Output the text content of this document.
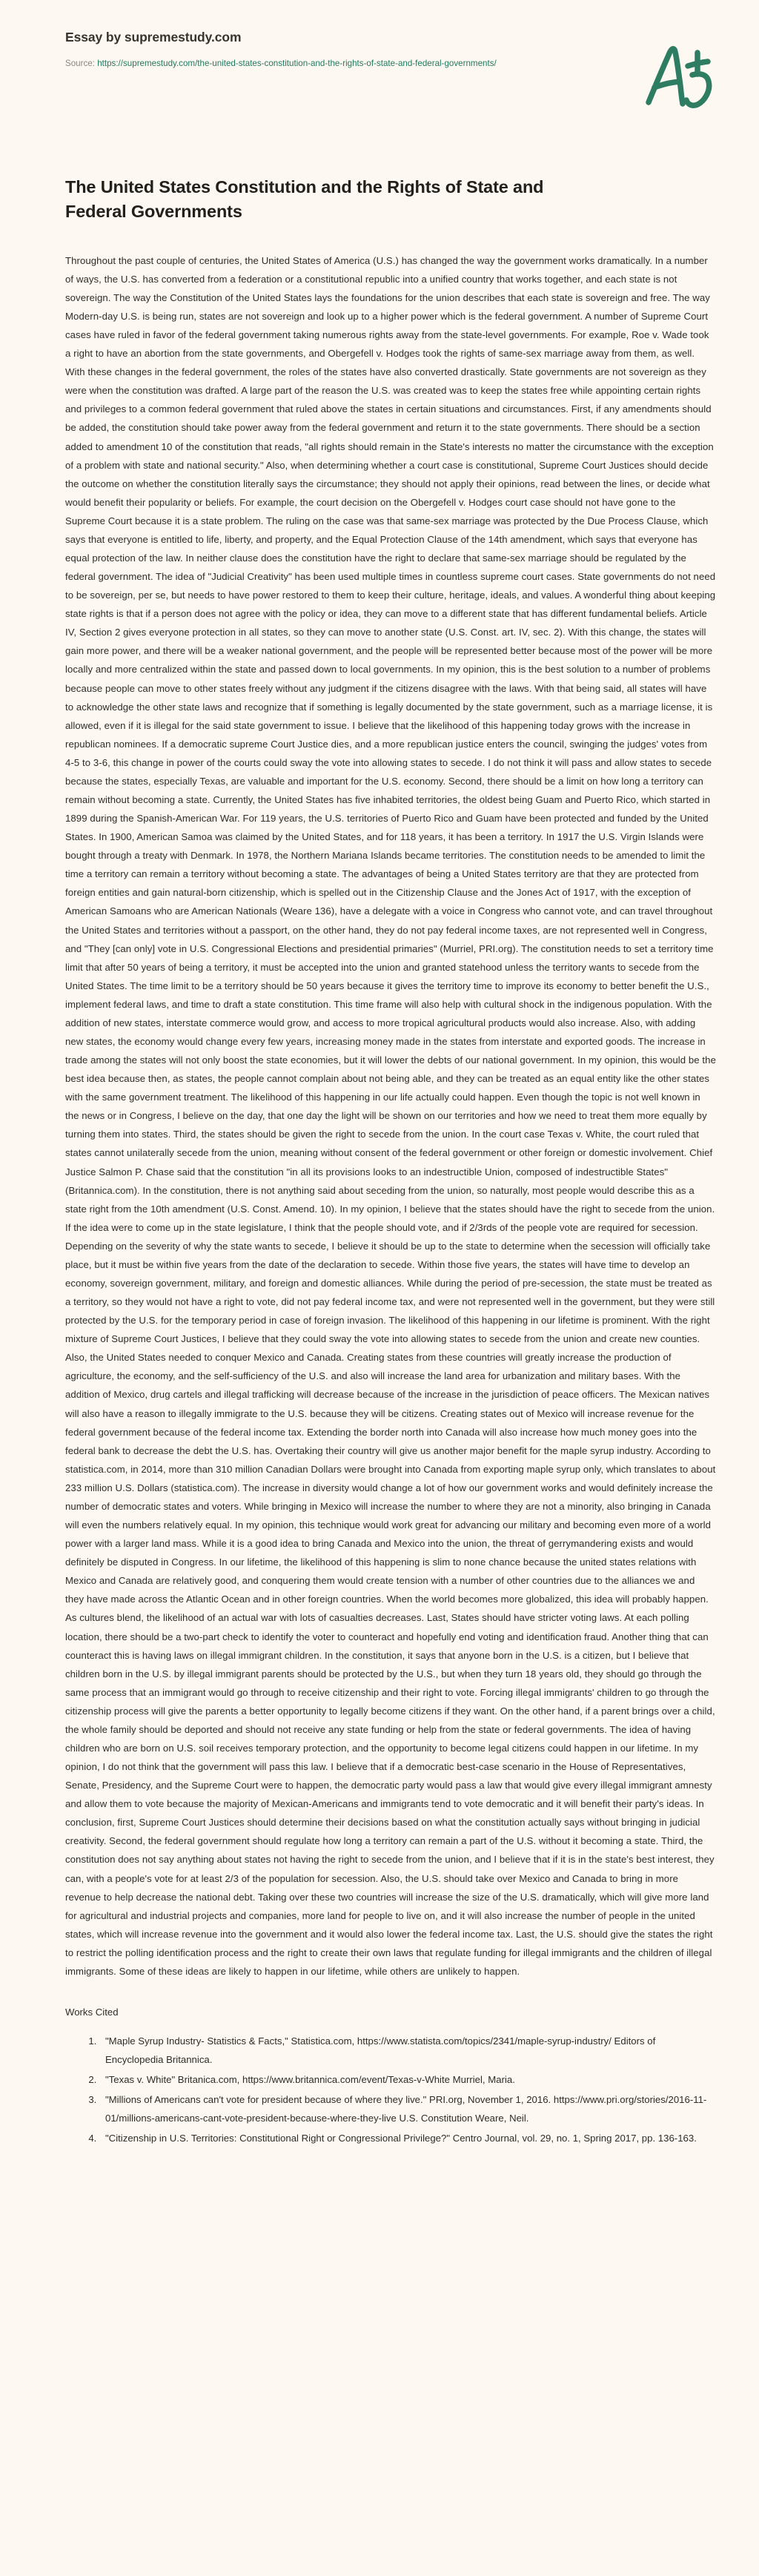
Essay by supremestudy.com

Source: https://supremestudy.com/the-united-states-constitution-and-the-rights-of-state-and-federal-governments/

The United States Constitution and the Rights of State and Federal Governments

Throughout the past couple of centuries, the United States of America (U.S.) has changed the way the government works dramatically. In a number of ways, the U.S. has converted from a federation or a constitutional republic into a unified country that works together, and each state is not sovereign. The way the Constitution of the United States lays the foundations for the union describes that each state is sovereign and free. The way Modern-day U.S. is being run, states are not sovereign and look up to a higher power which is the federal government. A number of Supreme Court cases have ruled in favor of the federal government taking numerous rights away from the state-level governments. For example, Roe v. Wade took a right to have an abortion from the state governments, and Obergefell v. Hodges took the rights of same-sex marriage away from them, as well. With these changes in the federal government, the roles of the states have also converted drastically. State governments are not sovereign as they were when the constitution was drafted. A large part of the reason the U.S. was created was to keep the states free while appointing certain rights and privileges to a common federal government that ruled above the states in certain situations and circumstances. First, if any amendments should be added, the constitution should take power away from the federal government and return it to the state governments. There should be a section added to amendment 10 of the constitution that reads, "all rights should remain in the State's interests no matter the circumstance with the exception of a problem with state and national security." Also, when determining whether a court case is constitutional, Supreme Court Justices should decide the outcome on whether the constitution literally says the circumstance; they should not apply their opinions, read between the lines, or decide what would benefit their popularity or beliefs. For example, the court decision on the Obergefell v. Hodges court case should not have gone to the Supreme Court because it is a state problem. The ruling on the case was that same-sex marriage was protected by the Due Process Clause, which says that everyone is entitled to life, liberty, and property, and the Equal Protection Clause of the 14th amendment, which says that everyone has equal protection of the law. In neither clause does the constitution have the right to declare that same-sex marriage should be regulated by the federal government. The idea of "Judicial Creativity" has been used multiple times in countless supreme court cases. State governments do not need to be sovereign, per se, but needs to have power restored to them to keep their culture, heritage, ideals, and values. A wonderful thing about keeping state rights is that if a person does not agree with the policy or idea, they can move to a different state that has different fundamental beliefs. Article IV, Section 2 gives everyone protection in all states, so they can move to another state (U.S. Const. art. IV, sec. 2). With this change, the states will gain more power, and there will be a weaker national government, and the people will be represented better because most of the power will be more locally and more centralized within the state and passed down to local governments. In my opinion, this is the best solution to a number of problems because people can move to other states freely without any judgment if the citizens disagree with the laws. With that being said, all states will have to acknowledge the other state laws and recognize that if something is legally documented by the state government, such as a marriage license, it is allowed, even if it is illegal for the said state government to issue. I believe that the likelihood of this happening today grows with the increase in republican nominees. If a democratic supreme Court Justice dies, and a more republican justice enters the council, swinging the judges' votes from 4-5 to 3-6, this change in power of the courts could sway the vote into allowing states to secede. I do not think it will pass and allow states to secede because the states, especially Texas, are valuable and important for the U.S. economy. Second, there should be a limit on how long a territory can remain without becoming a state. Currently, the United States has five inhabited territories, the oldest being Guam and Puerto Rico, which started in 1899 during the Spanish-American War. For 119 years, the U.S. territories of Puerto Rico and Guam have been protected and funded by the United States. In 1900, American Samoa was claimed by the United States, and for 118 years, it has been a territory. In 1917 the U.S. Virgin Islands were bought through a treaty with Denmark. In 1978, the Northern Mariana Islands became territories. The constitution needs to be amended to limit the time a territory can remain a territory without becoming a state. The advantages of being a United States territory are that they are protected from foreign entities and gain natural-born citizenship, which is spelled out in the Citizenship Clause and the Jones Act of 1917, with the exception of American Samoans who are American Nationals (Weare 136), have a delegate with a voice in Congress who cannot vote, and can travel throughout the United States and territories without a passport, on the other hand, they do not pay federal income taxes, are not represented well in Congress, and "They [can only] vote in U.S. Congressional Elections and presidential primaries" (Murriel, PRI.org). The constitution needs to set a territory time limit that after 50 years of being a territory, it must be accepted into the union and granted statehood unless the territory wants to secede from the United States. The time limit to be a territory should be 50 years because it gives the territory time to improve its economy to better benefit the U.S., implement federal laws, and time to draft a state constitution. This time frame will also help with cultural shock in the indigenous population. With the addition of new states, interstate commerce would grow, and access to more tropical agricultural products would also increase. Also, with adding new states, the economy would change every few years, increasing money made in the states from interstate and exported goods. The increase in trade among the states will not only boost the state economies, but it will lower the debts of our national government. In my opinion, this would be the best idea because then, as states, the people cannot complain about not being able, and they can be treated as an equal entity like the other states with the same government treatment. The likelihood of this happening in our life actually could happen. Even though the topic is not well known in the news or in Congress, I believe on the day, that one day the light will be shown on our territories and how we need to treat them more equally by turning them into states. Third, the states should be given the right to secede from the union. In the court case Texas v. White, the court ruled that states cannot unilaterally secede from the union, meaning without consent of the federal government or other foreign or domestic involvement. Chief Justice Salmon P. Chase said that the constitution "in all its provisions looks to an indestructible Union, composed of indestructible States" (Britannica.com). In the constitution, there is not anything said about seceding from the union, so naturally, most people would describe this as a state right from the 10th amendment (U.S. Const. Amend. 10). In my opinion, I believe that the states should have the right to secede from the union. If the idea were to come up in the state legislature, I think that the people should vote, and if 2/3rds of the people vote are required for secession. Depending on the severity of why the state wants to secede, I believe it should be up to the state to determine when the secession will officially take place, but it must be within five years from the date of the declaration to secede. Within those five years, the states will have time to develop an economy, sovereign government, military, and foreign and domestic alliances. While during the period of pre-secession, the state must be treated as a territory, so they would not have a right to vote, did not pay federal income tax, and were not represented well in the government, but they were still protected by the U.S. for the temporary period in case of foreign invasion. The likelihood of this happening in our lifetime is prominent. With the right mixture of Supreme Court Justices, I believe that they could sway the vote into allowing states to secede from the union and create new counties. Also, the United States needed to conquer Mexico and Canada. Creating states from these countries will greatly increase the production of agriculture, the economy, and the self-sufficiency of the U.S. and also will increase the land area for urbanization and military bases. With the addition of Mexico, drug cartels and illegal trafficking will decrease because of the increase in the jurisdiction of peace officers. The Mexican natives will also have a reason to illegally immigrate to the U.S. because they will be citizens. Creating states out of Mexico will increase revenue for the federal government because of the federal income tax. Extending the border north into Canada will also increase how much money goes into the federal bank to decrease the debt the U.S. has. Overtaking their country will give us another major benefit for the maple syrup industry. According to statistica.com, in 2014, more than 310 million Canadian Dollars were brought into Canada from exporting maple syrup only, which translates to about 233 million U.S. Dollars (statistica.com). The increase in diversity would change a lot of how our government works and would definitely increase the number of democratic states and voters. While bringing in Mexico will increase the number to where they are not a minority, also bringing in Canada will even the numbers relatively equal. In my opinion, this technique would work great for advancing our military and becoming even more of a world power with a larger land mass. While it is a good idea to bring Canada and Mexico into the union, the threat of gerrymandering exists and would definitely be disputed in Congress. In our lifetime, the likelihood of this happening is slim to none chance because the united states relations with Mexico and Canada are relatively good, and conquering them would create tension with a number of other countries due to the alliances we and they have made across the Atlantic Ocean and in other foreign countries. When the world becomes more globalized, this idea will probably happen. As cultures blend, the likelihood of an actual war with lots of casualties decreases. Last, States should have stricter voting laws. At each polling location, there should be a two-part check to identify the voter to counteract and hopefully end voting and identification fraud. Another thing that can counteract this is having laws on illegal immigrant children. In the constitution, it says that anyone born in the U.S. is a citizen, but I believe that children born in the U.S. by illegal immigrant parents should be protected by the U.S., but when they turn 18 years old, they should go through the same process that an immigrant would go through to receive citizenship and their right to vote. Forcing illegal immigrants' children to go through the citizenship process will give the parents a better opportunity to legally become citizens if they want. On the other hand, if a parent brings over a child, the whole family should be deported and should not receive any state funding or help from the state or federal governments. The idea of having children who are born on U.S. soil receives temporary protection, and the opportunity to become legal citizens could happen in our lifetime. In my opinion, I do not think that the government will pass this law. I believe that if a democratic best-case scenario in the House of Representatives, Senate, Presidency, and the Supreme Court were to happen, the democratic party would pass a law that would give every illegal immigrant amnesty and allow them to vote because the majority of Mexican-Americans and immigrants tend to vote democratic and it will benefit their party's ideas. In conclusion, first, Supreme Court Justices should determine their decisions based on what the constitution actually says without bringing in judicial creativity. Second, the federal government should regulate how long a territory can remain a part of the U.S. without it becoming a state. Third, the constitution does not say anything about states not having the right to secede from the union, and I believe that if it is in the state's best interest, they can, with a people's vote for at least 2/3 of the population for secession. Also, the U.S. should take over Mexico and Canada to bring in more revenue to help decrease the national debt. Taking over these two countries will increase the size of the U.S. dramatically, which will give more land for agricultural and industrial projects and companies, more land for people to live on, and it will also increase the number of people in the united states, which will increase revenue into the government and it would also lower the federal income tax. Last, the U.S. should give the states the right to restrict the polling identification process and the right to create their own laws that regulate funding for illegal immigrants and the children of illegal immigrants. Some of these ideas are likely to happen in our lifetime, while others are unlikely to happen.

Works Cited

1. "Maple Syrup Industry- Statistics & Facts," Statistica.com, https://www.statista.com/topics/2341/maple-syrup-industry/ Editors of Encyclopedia Britannica.
2. "Texas v. White" Britanica.com, https://www.britannica.com/event/Texas-v-White Murriel, Maria.
3. "Millions of Americans can't vote for president because of where they live." PRI.org, November 1, 2016. https://www.pri.org/stories/2016-11-01/millions-americans-cant-vote-president-because-where-they-live U.S. Constitution Weare, Neil.
4. "Citizenship in U.S. Territories: Constitutional Right or Congressional Privilege?" Centro Journal, vol. 29, no. 1, Spring 2017, pp. 136-163.
